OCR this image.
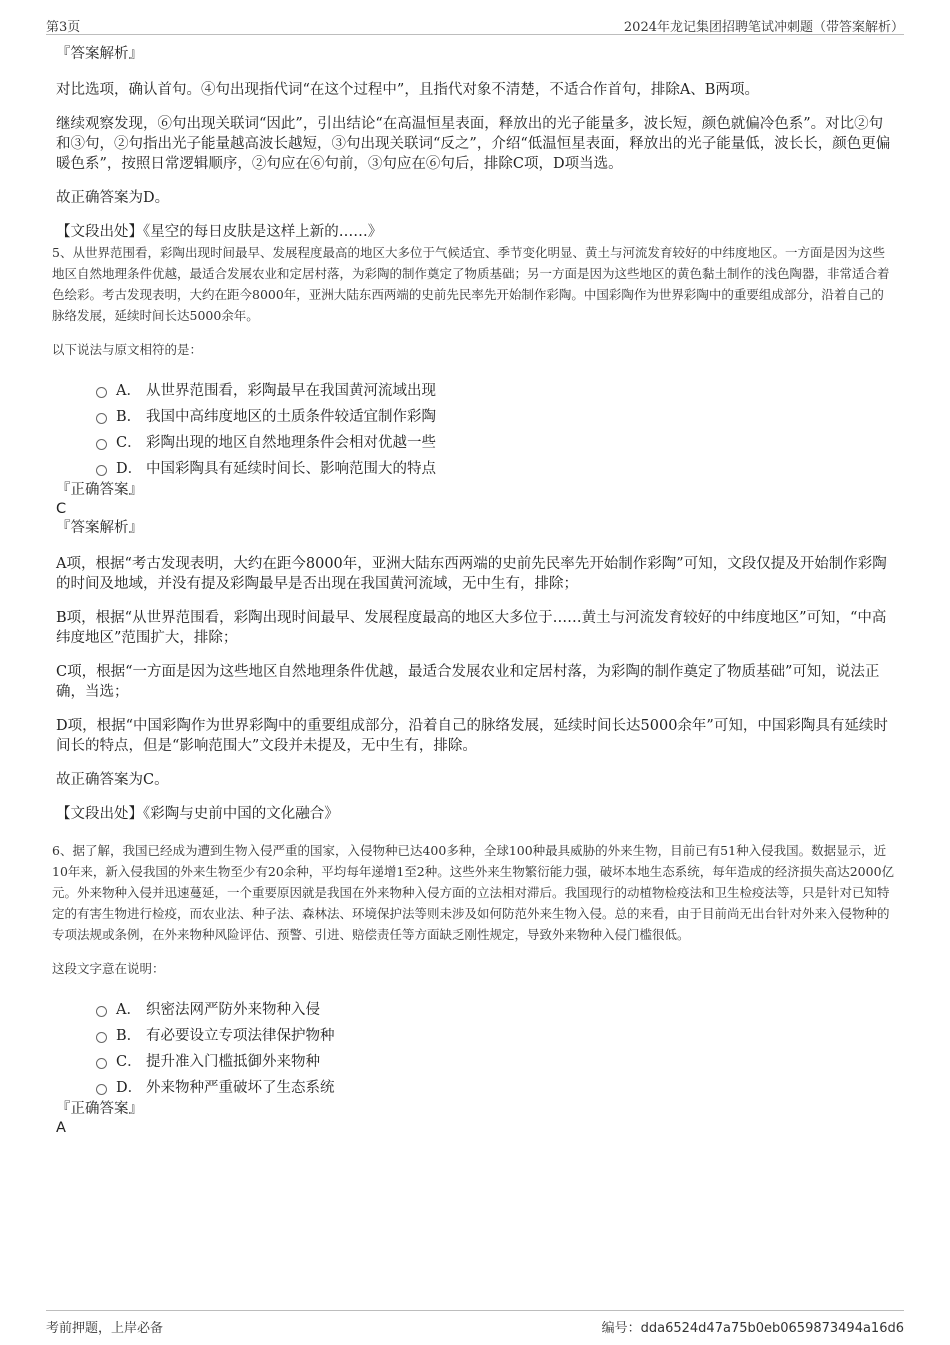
第3页	2024年龙记集团招聘笔试冲刺题（带答案解析）

『答案解析』

对比选项，确认首句。④句出现指代词“在这个过程中”，且指代对象不清楚，不适合作首句，排除A、B两项。

继续观察发现，⑥句出现关联词“因此”，引出结论“在高温恒星表面，释放出的光子能量多，波长短，颜色就偏冷色系”。对比②句和③句，②句指出光子能量越高波长越短，③句出现关联词“反之”，介绍“低温恒星表面，释放出的光子能量低，波长长，颜色更偏暖色系”，按照日常逻辑顺序，②句应在⑥句前，③句应在⑥句后，排除C项，D项当选。

故正确答案为D。

【文段出处】《星空的每日皮肤是这样上新的……》

5、从世界范围看，彩陶出现时间最早、发展程度最高的地区大多位于气候适宜、季节变化明显、黄土与河流发育较好的中纬度地区。一方面是因为这些地区自然地理条件优越，最适合发展农业和定居村落，为彩陶的制作奠定了物质基础；另一方面是因为这些地区的黄色黏土制作的浅色陶器，非常适合着色绘彩。考古发现表明，大约在距今8000年，亚洲大陆东西两端的史前先民率先开始制作彩陶。中国彩陶作为世界彩陶中的重要组成部分，沿着自己的脉络发展，延续时间长达5000余年。

以下说法与原文相符的是：

A． 从世界范围看，彩陶最早在我国黄河流域出现
B． 我国中高纬度地区的土质条件较适宜制作彩陶
C． 彩陶出现的地区自然地理条件会相对优越一些
D． 中国彩陶具有延续时间长、影响范围大的特点

『正确答案』

C

『答案解析』

A项，根据“考古发现表明，大约在距今8000年，亚洲大陆东西两端的史前先民率先开始制作彩陶”可知，文段仅提及开始制作彩陶的时间及地域，并没有提及彩陶最早是否出现在我国黄河流域，无中生有，排除；

B项，根据“从世界范围看，彩陶出现时间最早、发展程度最高的地区大多位于……黄土与河流发育较好的中纬度地区”可知，“中高纬度地区”范围扩大，排除；

C项，根据“一方面是因为这些地区自然地理条件优越，最适合发展农业和定居村落，为彩陶的制作奠定了物质基础”可知，说法正确，当选；

D项，根据“中国彩陶作为世界彩陶中的重要组成部分，沿着自己的脉络发展，延续时间长达5000余年”可知，中国彩陶具有延续时间长的特点，但是“影响范围大”文段并未提及，无中生有，排除。

故正确答案为C。

【文段出处】《彩陶与史前中国的文化融合》

6、据了解，我国已经成为遭到生物入侵严重的国家，入侵物种已达400多种，全球100种最具威胁的外来生物，目前已有51种入侵我国。数据显示，近10年来，新入侵我国的外来生物至少有20余种，平均每年递增1至2种。这些外来生物繁衍能力强，破坏本地生态系统，每年造成的经济损失高达2000亿元。外来物种入侵并迅速蔓延，一个重要原因就是我国在外来物种入侵方面的立法相对滞后。我国现行的动植物检疫法和卫生检疫法等，只是针对已知特定的有害生物进行检疫，而农业法、种子法、森林法、环境保护法等则未涉及如何防范外来生物入侵。总的来看，由于目前尚无出台针对外来入侵物种的专项法规或条例，在外来物种风险评估、预警、引进、赔偿责任等方面缺乏刚性规定，导致外来物种入侵门槛很低。

这段文字意在说明：

A． 织密法网严防外来物种入侵
B． 有必要设立专项法律保护物种
C． 提升准入门槛抵御外来物种
D． 外来物种严重破坏了生态系统

『正确答案』

A

考前押题，上岸必备	编号：dda6524d47a75b0eb0659873494a16d6
